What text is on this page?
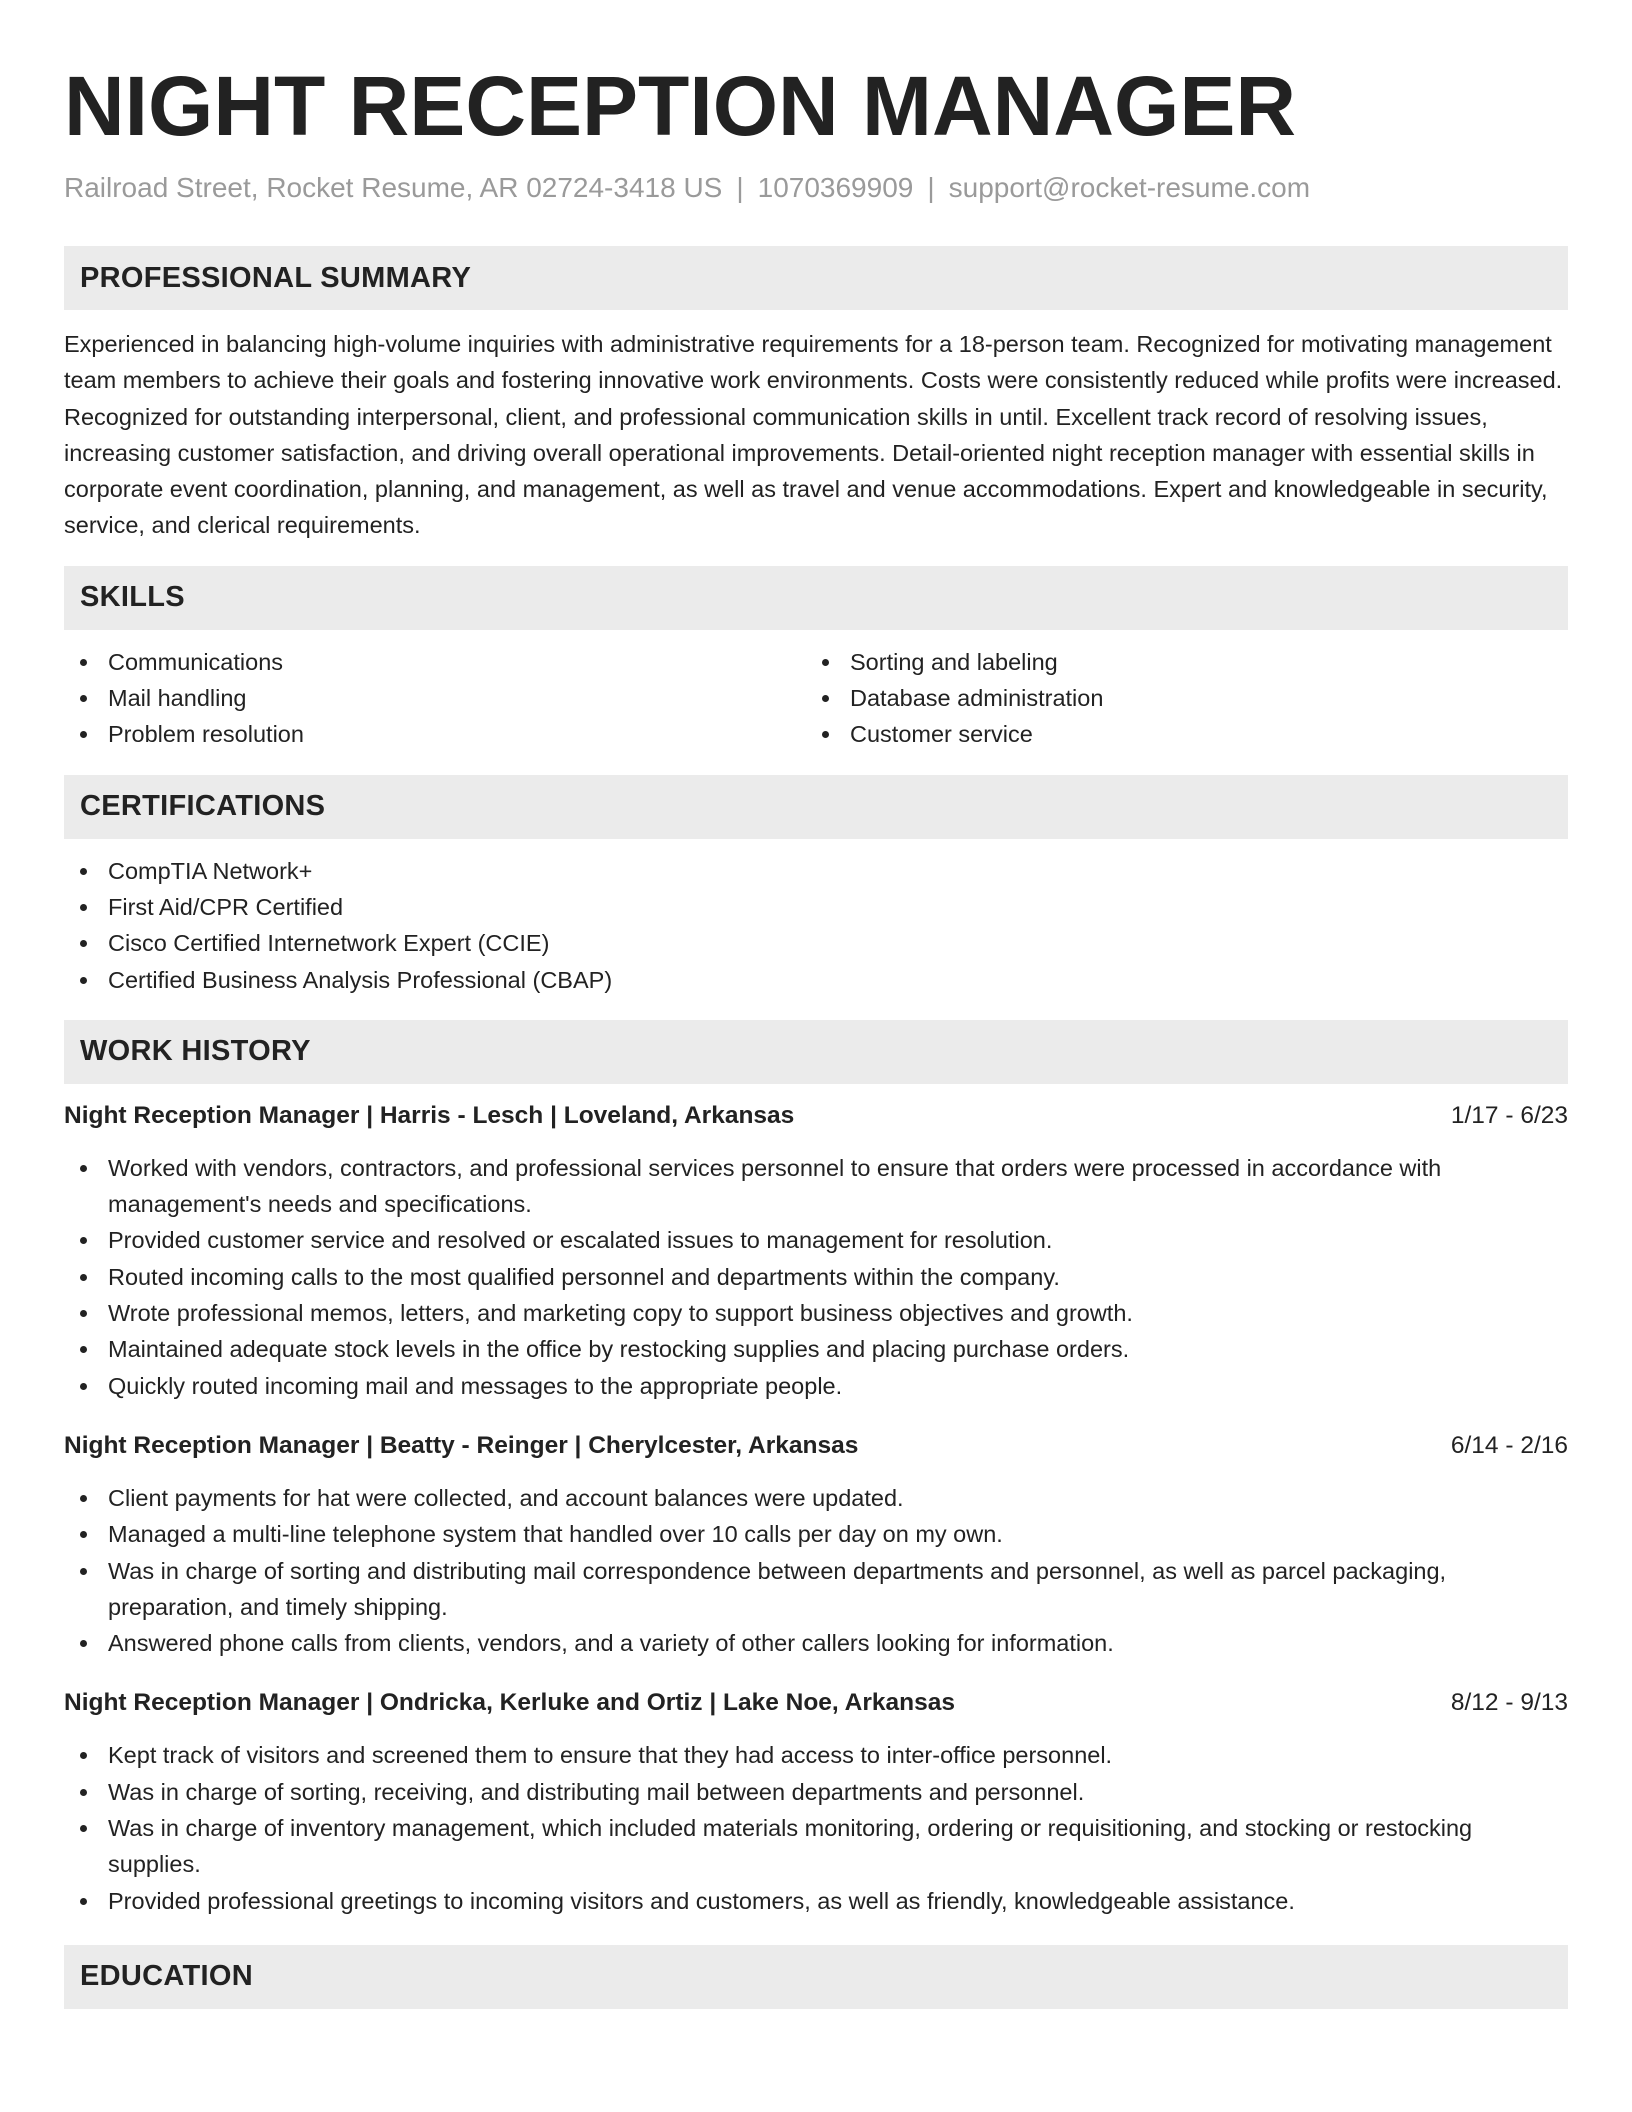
NIGHT RECEPTION MANAGER
Railroad Street, Rocket Resume, AR 02724-3418 US | 1070369909 | support@rocket-resume.com
PROFESSIONAL SUMMARY

Experienced in balancing high-volume inquiries with administrative requirements for a 18-person team. Recognized for motivating management team members to achieve their goals and fostering innovative work environments. Costs were consistently reduced while profits were increased. Recognized for outstanding interpersonal, client, and professional communication skills in until. Excellent track record of resolving issues, increasing customer satisfaction, and driving overall operational improvements. Detail-oriented night reception manager with essential skills in corporate event coordination, planning, and management, as well as travel and venue accommodations. Expert and knowledgeable in security, service, and clerical requirements.

SKILLS
Communications
Mail handling
Problem resolution
Sorting and labeling
Database administration
Customer service
CERTIFICATIONS
CompTIA Network+
First Aid/CPR Certified
Cisco Certified Internetwork Expert (CCIE)
Certified Business Analysis Professional (CBAP)
WORK HISTORY
Night Reception Manager | Harris - Lesch | Loveland, Arkansas	1/17 - 6/23
Worked with vendors, contractors, and professional services personnel to ensure that orders were processed in accordance with management's needs and specifications.
Provided customer service and resolved or escalated issues to management for resolution.
Routed incoming calls to the most qualified personnel and departments within the company.
Wrote professional memos, letters, and marketing copy to support business objectives and growth.
Maintained adequate stock levels in the office by restocking supplies and placing purchase orders.
Quickly routed incoming mail and messages to the appropriate people.
Night Reception Manager | Beatty - Reinger | Cherylcester, Arkansas	6/14 - 2/16
Client payments for hat were collected, and account balances were updated.
Managed a multi-line telephone system that handled over 10 calls per day on my own.
Was in charge of sorting and distributing mail correspondence between departments and personnel, as well as parcel packaging, preparation, and timely shipping.
Answered phone calls from clients, vendors, and a variety of other callers looking for information.
Night Reception Manager | Ondricka, Kerluke and Ortiz | Lake Noe, Arkansas	8/12 - 9/13
Kept track of visitors and screened them to ensure that they had access to inter-office personnel.
Was in charge of sorting, receiving, and distributing mail between departments and personnel.
Was in charge of inventory management, which included materials monitoring, ordering or requisitioning, and stocking or restocking supplies.
Provided professional greetings to incoming visitors and customers, as well as friendly, knowledgeable assistance.
EDUCATION
